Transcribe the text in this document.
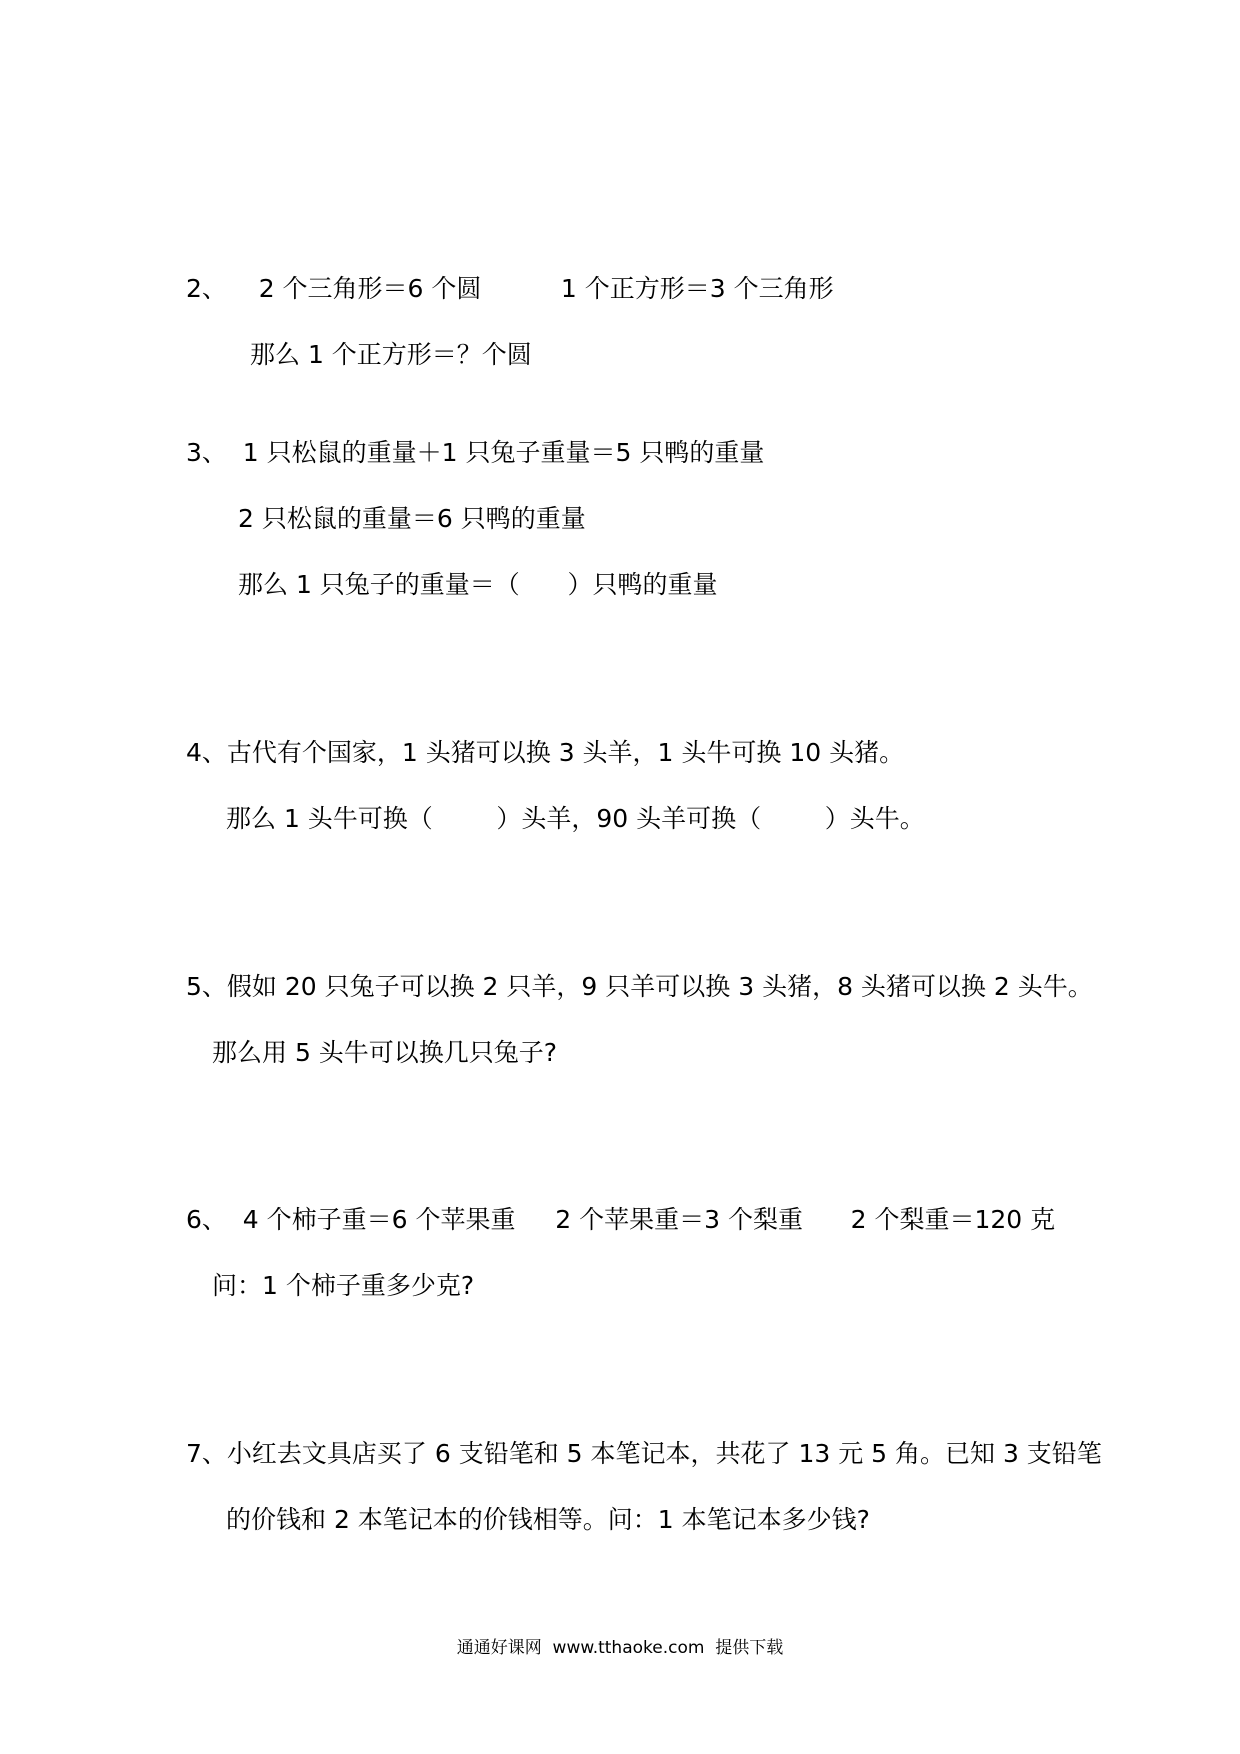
2、    2 个三角形＝6 个圆          1 个正方形＝3 个三角形

那么 1 个正方形＝？个圆

3、  1 只松鼠的重量＋1 只兔子重量＝5 只鸭的重量

2 只松鼠的重量＝6 只鸭的重量

那么 1 只兔子的重量＝（      ）只鸭的重量

4、古代有个国家，1 头猪可以换 3 头羊，1 头牛可换 10 头猪。

那么 1 头牛可换（        ）头羊，90 头羊可换（        ）头牛。

5、假如 20 只兔子可以换 2 只羊，9 只羊可以换 3 头猪，8 头猪可以换 2 头牛。

那么用 5 头牛可以换几只兔子?

6、  4 个柿子重＝6 个苹果重     2 个苹果重＝3 个梨重      2 个梨重＝120 克

问：1 个柿子重多少克?

7、小红去文具店买了 6 支铅笔和 5 本笔记本，共花了 13 元 5 角。已知 3 支铅笔

的价钱和 2 本笔记本的价钱相等。问：1 本笔记本多少钱?

通通好课网  www.tthaoke.com  提供下载
